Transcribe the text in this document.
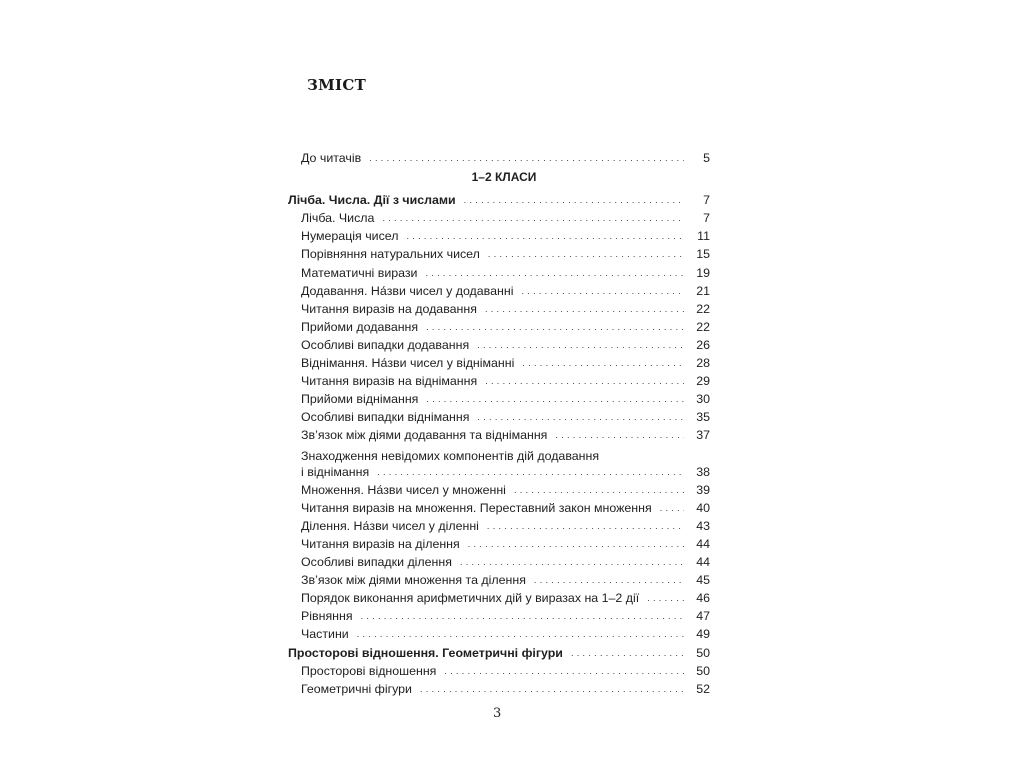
ЗМІСТ
До читачів . . .	5
1–2 КЛАСИ
Лічба. Числа. Дії з числами . . .	7
Лічба. Числа . . .	7
Нумерація чисел . . .	11
Порівняння натуральних чисел . . .	15
Математичні вирази . . .	19
Додавання. На́зви чисел у додаванні . . .	21
Читання виразів на додавання . . .	22
Прийоми додавання . . .	22
Особливі випадки додавання . . .	26
Віднімання. На́зви чисел у відніманні . . .	28
Читання виразів на віднімання . . .	29
Прийоми віднімання . . .	30
Особливі випадки віднімання . . .	35
Зв’язок між діями додавання та віднімання . . .	37
Знаходження невідомих компонентів дій додавання
і віднімання . . .	38
Множення. На́зви чисел у множенні . . .	39
Читання виразів на множення. Переставний закон множення . . .	40
Ділення. На́зви чисел у діленні . . .	43
Читання виразів на ділення . . .	44
Особливі випадки ділення . . .	44
Зв’язок між діями множення та ділення . . .	45
Порядок виконання арифметичних дій у виразах на 1–2 дії . . .	46
Рівняння . . .	47
Частини . . .	49
Просторові відношення. Геометричні фігури . . .	50
Просторові відношення . . .	50
Геометричні фігури . . .	52
3
